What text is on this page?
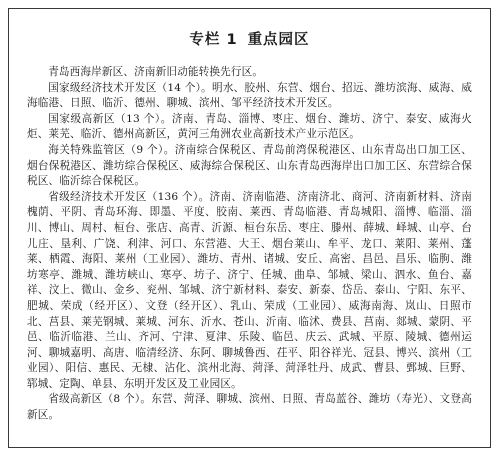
专栏 1 重点园区

青岛西海岸新区、济南新旧动能转换先行区。

国家级经济技术开发区（14 个）。明水、胶州、东营、烟台、招远、潍坊滨海、威海、威海临港、日照、临沂、德州、聊城、滨州、邹平经济技术开发区。

国家级高新区（13 个）。济南、青岛、淄博、枣庄、烟台、潍坊、济宁、泰安、威海火炬、莱芜、临沂、德州高新区，黄河三角洲农业高新技术产业示范区。

海关特殊监管区（9 个）。济南综合保税区、青岛前湾保税港区、山东青岛出口加工区、烟台保税港区、潍坊综合保税区、威海综合保税区、山东青岛西海岸出口加工区、东营综合保税区、临沂综合保税区。

省级经济技术开发区（136 个）。济南、济南临港、济南济北、商河、济南新材料、济南槐荫、平阴、青岛环海、即墨、平度、胶南、莱西、青岛临港、青岛城阳、淄博、临淄、淄川、博山、周村、桓台、张店、高青、沂源、桓台东岳、枣庄、滕州、薛城、峄城、山亭、台儿庄、垦利、广饶、利津、河口、东营港、大王、烟台莱山、牟平、龙口、莱阳、莱州、蓬莱、栖霞、海阳、莱州（工业园）、潍坊、青州、诸城、安丘、高密、昌邑、昌乐、临朐、潍坊寒亭、潍城、潍坊峡山、寒亭、坊子、济宁、任城、曲阜、邹城、梁山、泗水、鱼台、嘉祥、汶上、微山、金乡、兖州、邹城、济宁新材料、泰安、新泰、岱岳、泰山、宁阳、东平、肥城、荣成（经开区）、文登（经开区）、乳山、荣成（工业园）、威海南海、岚山、日照市北、莒县、莱芜钢城、莱城、河东、沂水、苍山、沂南、临沭、费县、莒南、郯城、蒙阴、平邑、临沂临港、兰山、齐河、宁津、夏津、乐陵、临邑、庆云、武城、平原、陵城、德州运河、聊城嘉明、高唐、临清经济、东阿、聊城鲁西、茌平、阳谷祥光、冠县、博兴、滨州（工业园）、阳信、惠民、无棣、沾化、滨州北海、菏泽、菏泽牡丹、成武、曹县、鄄城、巨野、郓城、定陶、单县、东明开发区及工业园区。

省级高新区（8 个）。东营、菏泽、聊城、滨州、日照、青岛蓝谷、潍坊（寿光）、文登高新区。
